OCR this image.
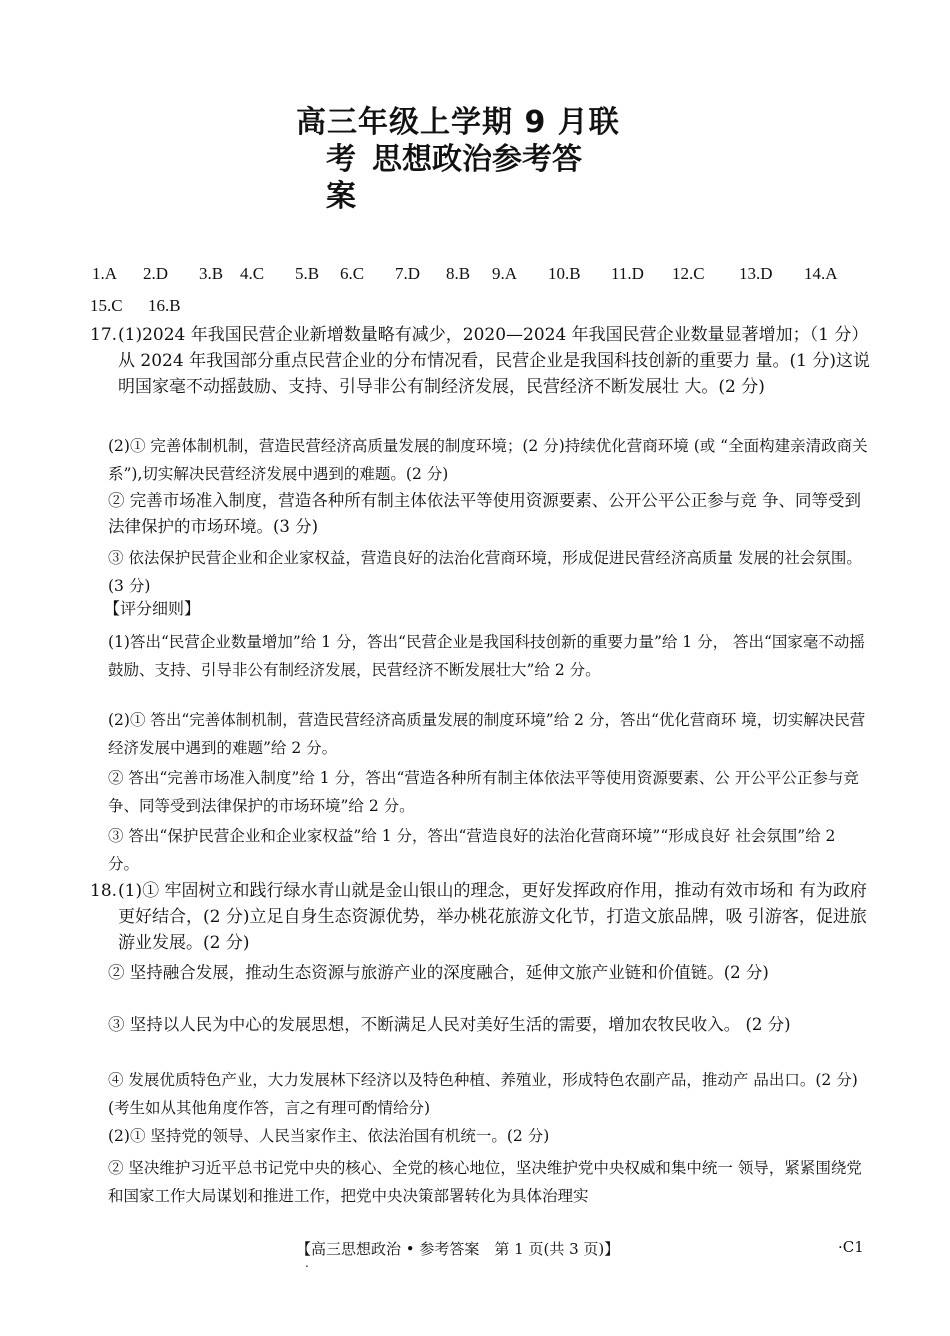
高三年级上学期 9 月联
考 思想政治参考答
案
1.A 2.D 3.B 4.C 5.B 6.C 7.D 8.B 9.A 10.B 11.D 12.C 13.D 14.A
15.C 16.B
17. (1)2024 年我国民营企业新增数量略有减少，2020—2024 年我国民营企业数量显著增加；（1 分）从 2024 年我国部分重点民营企业的分布情况看，民营企业是我国科技创新的重要力 量。(1 分)这说明国家毫不动摇鼓励、支持、引导非公有制经济发展，民营经济不断发展壮 大。(2 分)
(2)① 完善体制机制，营造民营经济高质量发展的制度环境；(2 分)持续优化营商环境 (或 “全面构建亲清政商关系”),切实解决民营经济发展中遇到的难题。(2 分)
② 完善市场准入制度，营造各种所有制主体依法平等使用资源要素、公开公平公正参与竞 争、同等受到法律保护的市场环境。(3 分)
③ 依法保护民营企业和企业家权益，营造良好的法治化营商环境，形成促进民营经济高质量 发展的社会氛围。(3 分)
【评分细则】
(1)答出“民营企业数量增加”给 1 分，答出“民营企业是我国科技创新的重要力量”给 1 分， 答出“国家毫不动摇鼓励、支持、引导非公有制经济发展，民营经济不断发展壮大”给 2 分。
(2)① 答出“完善体制机制，营造民营经济高质量发展的制度环境”给 2 分，答出“优化营商环 境，切实解决民营经济发展中遇到的难题”给 2 分。
② 答出“完善市场准入制度”给 1 分，答出“营造各种所有制主体依法平等使用资源要素、公 开公平公正参与竞争、同等受到法律保护的市场环境”给 2 分。
③ 答出“保护民营企业和企业家权益”给 1 分，答出“营造良好的法治化营商环境”“形成良好 社会氛围”给 2 分。
18. (1)① 牢固树立和践行绿水青山就是金山银山的理念，更好发挥政府作用，推动有效市场和 有为政府更好结合，(2 分)立足自身生态资源优势，举办桃花旅游文化节，打造文旅品牌，吸 引游客，促进旅游业发展。(2 分)
② 坚持融合发展，推动生态资源与旅游产业的深度融合，延伸文旅产业链和价值链。(2 分)
③ 坚持以人民为中心的发展思想，不断满足人民对美好生活的需要，增加农牧民收入。 (2 分)
④ 发展优质特色产业，大力发展林下经济以及特色种植、养殖业，形成特色农副产品，推动产 品出口。(2 分)(考生如从其他角度作答，言之有理可酌情给分)
(2)① 坚持党的领导、人民当家作主、依法治国有机统一。(2 分)
② 坚决维护习近平总书记党中央的核心、全党的核心地位，坚决维护党中央权威和集中统一 领导，紧紧围绕党和国家工作大局谋划和推进工作，把党中央决策部署转化为具体治理实
【高三思想政治 • 参考答案　第 1 页(共 3 页)】	·C1
.
